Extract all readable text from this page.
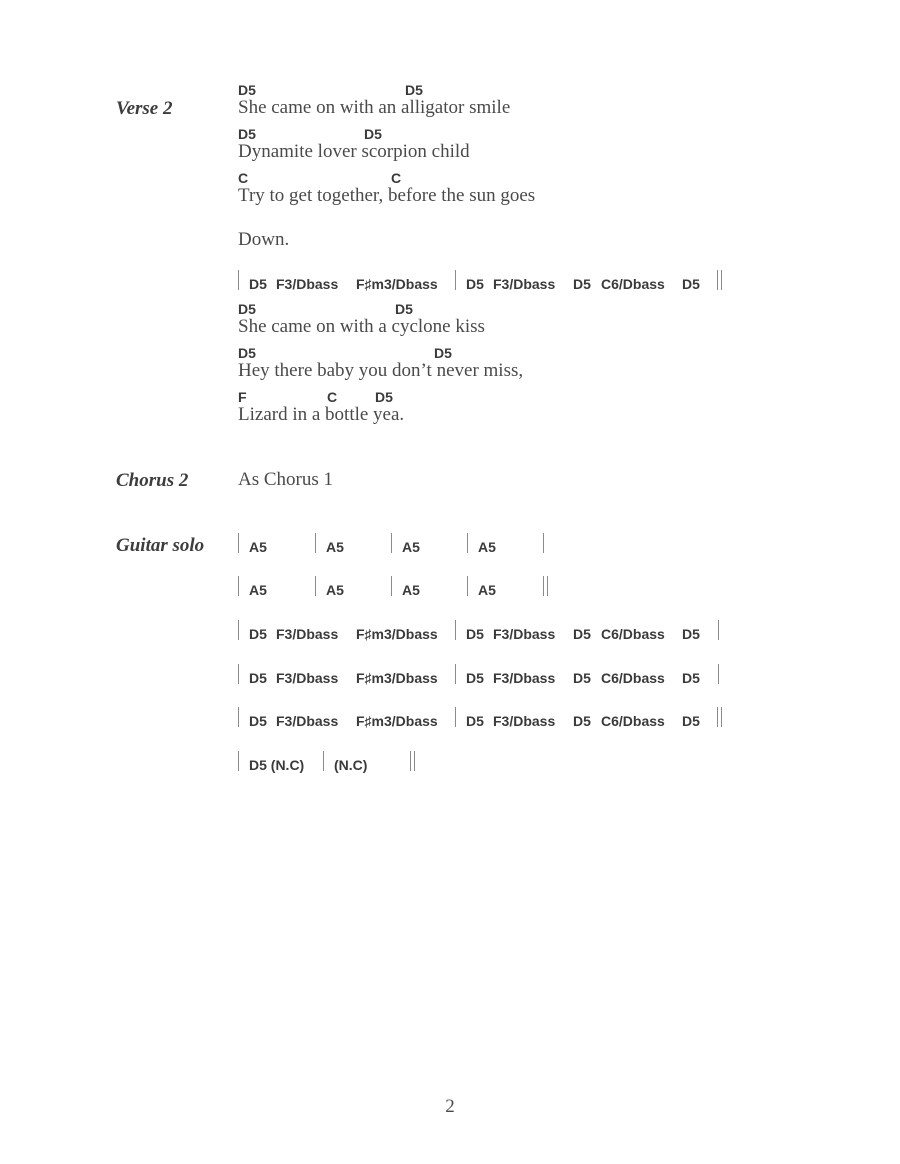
Verse 2
Chorus 2
Guitar solo
D5	D5
She came on with an alligator smile
D5	D5
Dynamite lover scorpion child
C	C
Try to get together, before the sun goes
Down.
D5 F3/Dbass F♯m3/Dbass D5 F3/Dbass D5 C6/Dbass D5
D5	D5
She came on with a cyclone kiss
D5	D5
Hey there baby you don’t never miss,
F	C	D5
Lizard in a bottle yea.
As Chorus 1
A5	A5	A5	A5
A5	A5	A5	A5
D5 F3/Dbass F♯m3/Dbass D5 F3/Dbass D5 C6/Dbass D5
D5 F3/Dbass F♯m3/Dbass D5 F3/Dbass D5 C6/Dbass D5
D5 F3/Dbass F♯m3/Dbass D5 F3/Dbass D5 C6/Dbass D5
D5 (N.C) (N.C)
2
